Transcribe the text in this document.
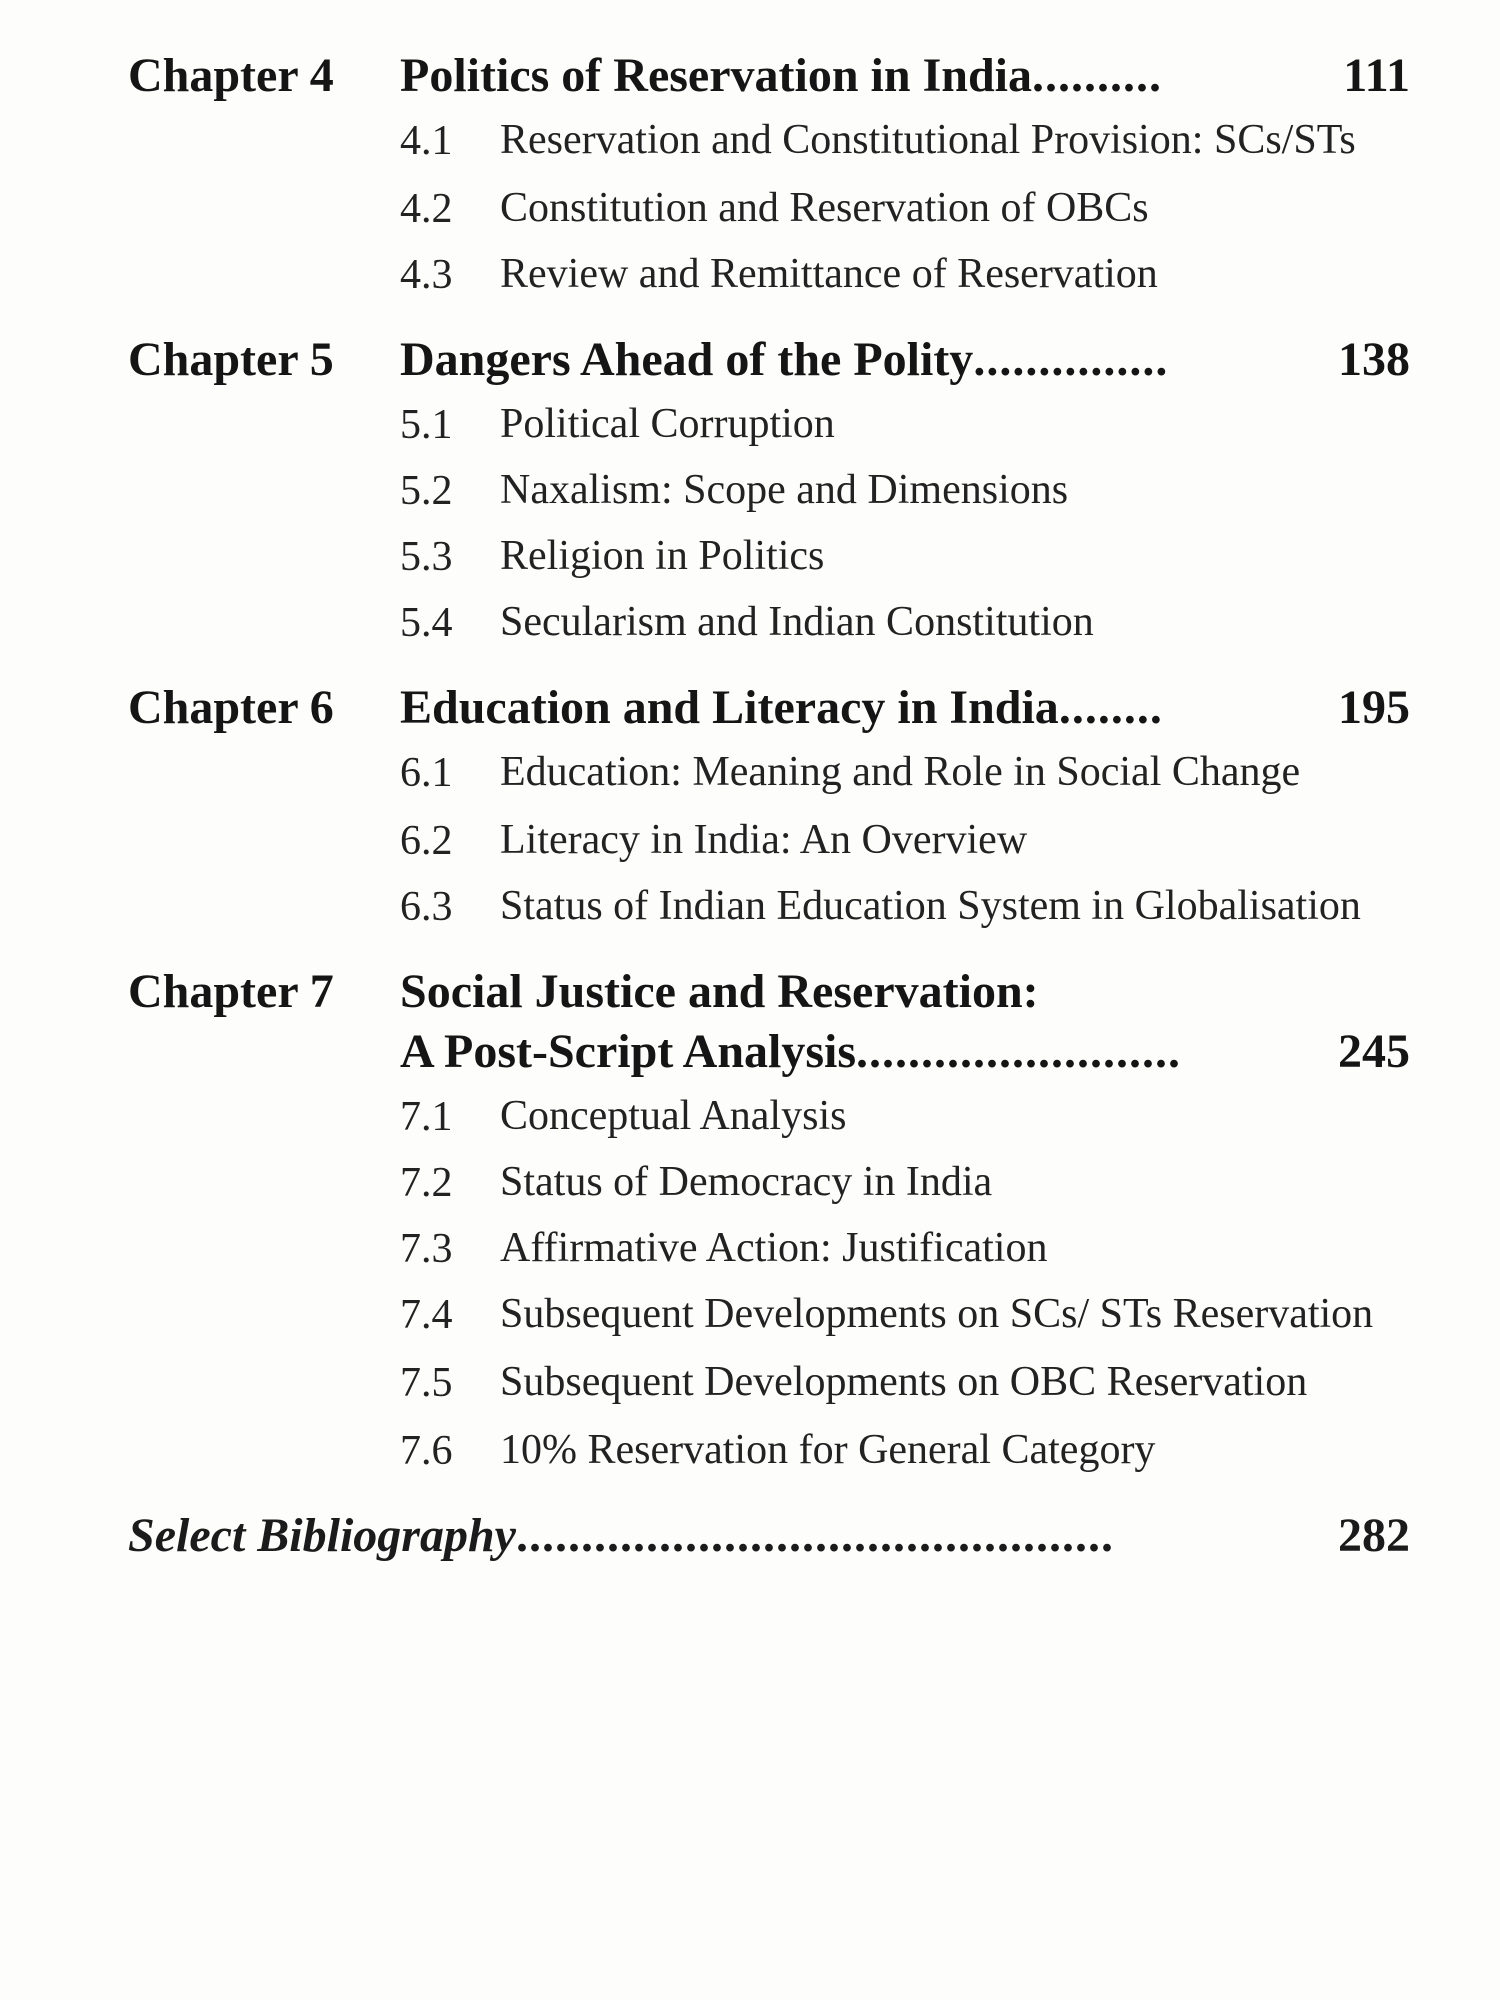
Chapter 4	Politics of Reservation in India ..........	111
4.1	Reservation and Constitutional Provision: SCs/STs
4.2	Constitution and Reservation of OBCs
4.3	Review and Remittance of Reservation
Chapter 5	Dangers Ahead of the Polity ...............	138
5.1	Political Corruption
5.2	Naxalism: Scope and Dimensions
5.3	Religion in Politics
5.4	Secularism and Indian Constitution
Chapter 6	Education and Literacy in India ........	195
6.1	Education: Meaning and Role in Social Change
6.2	Literacy in India: An Overview
6.3	Status of Indian Education System in Globalisation
Chapter 7	Social Justice and Reservation:
A Post-Script Analysis .........................	245
7.1	Conceptual Analysis
7.2	Status of Democracy in India
7.3	Affirmative Action: Justification
7.4	Subsequent Developments on SCs/ STs Reservation
7.5	Subsequent Developments on OBC Reservation
7.6	10% Reservation for General Category
Select Bibliography ..............................................	282
